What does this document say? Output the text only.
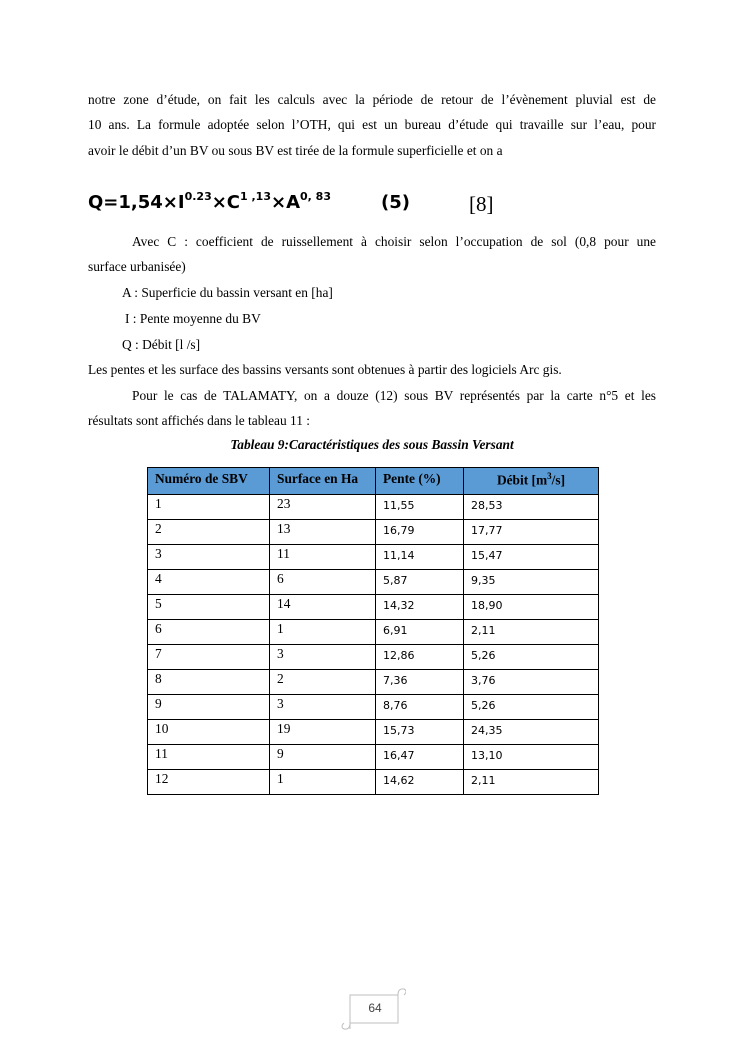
notre zone d’étude, on fait les calculs avec la période de retour de l’évènement pluvial est de
10 ans. La formule adoptée selon l’OTH, qui est un bureau d’étude qui travaille sur l’eau, pour
avoir le débit d’un BV ou sous BV est tirée de la formule superficielle et on a
$Q=1,54\times I^{0.23}\times C^{1 ,13}\times A^{0, 83}$	(5)	[8]
Avec C : coefficient de ruissellement à choisir selon l’occupation de sol (0,8 pour une
surface urbanisée)
A : Superficie du bassin versant en [ha]
I : Pente moyenne du BV
Q : Débit [l /s]
Les pentes et les surface des bassins versants sont obtenues à partir des logiciels Arc gis.
Pour le cas de TALAMATY, on a douze (12) sous BV représentés par la carte n°5 et les
résultats sont affichés dans le tableau 11 :
Tableau 9:Caractéristiques des sous Bassin Versant
Numéro de SBV	Surface en Ha	Pente (%)	Débit $[m^3/s]$
1	23	11,55	28,53
2	13	16,79	17,77
3	11	11,14	15,47
4	6	5,87	9,35
5	14	14,32	18,90
6	1	6,91	2,11
7	3	12,86	5,26
8	2	7,36	3,76
9	3	8,76	5,26
10	19	15,73	24,35
11	9	16,47	13,10
12	1	14,62	2,11
64
